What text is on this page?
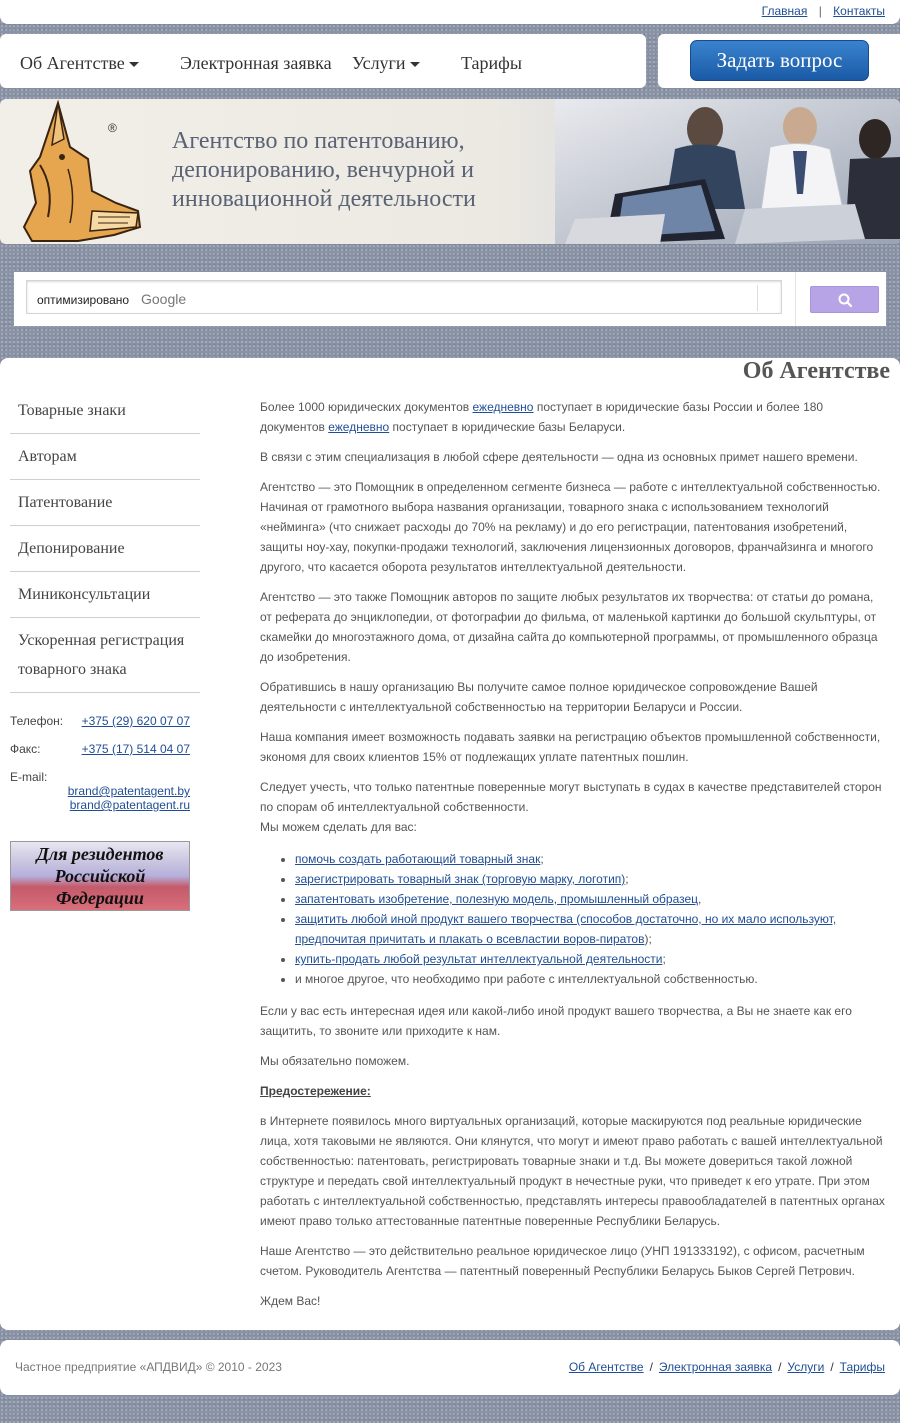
Главная | Контакты
Об Агентстве	Электронная заявка Услуги	Тарифы	Задать вопрос
® Агентство по патентованию,
депонированию, венчурной и
инновационной деятельности
оптимизировано Google
Об Агентстве
Товарные знаки
Авторам
Патентование
Депонирование
Миниконсультации
Ускоренная регистрация товарного знака
Телефон: +375 (29) 620 07 07
Факс:	+375 (17) 514 04 07
E-mail:
brand@patentagent.by
brand@patentagent.ru
Для резидентов
Российской
Федерации

Более 1000 юридических документов ежедневно поступает в юридические базы России и более 180 документов ежедневно поступает в юридические базы Беларуси.

В связи с этим специализация в любой сфере деятельности — одна из основных примет нашего времени.

Агентство — это Помощник в определенном сегменте бизнеса — работе с интеллектуальной собственностью. Начиная от грамотного выбора названия организации, товарного знака с использованием технологий «нейминга» (что снижает расходы до 70% на рекламу) и до его регистрации, патентования изобретений, защиты ноу-хау, покупки-продажи технологий, заключения лицензионных договоров, франчайзинга и многого другого, что касается оборота результатов интеллектуальной деятельности.

Агентство — это также Помощник авторов по защите любых результатов их творчества: от статьи до романа, от реферата до энциклопедии, от фотографии до фильма, от маленькой картинки до большой скульптуры, от скамейки до многоэтажного дома, от дизайна сайта до компьютерной программы, от промышленного образца до изобретения.

Обратившись в нашу организацию Вы получите самое полное юридическое сопровождение Вашей деятельности с интеллектуальной собственностью на территории Беларуси и России.

Наша компания имеет возможность подавать заявки на регистрацию объектов промышленной собственности, экономя для своих клиентов 15% от подлежащих уплате патентных пошлин.

Следует учесть, что только патентные поверенные могут выступать в судах в качестве представителей сторон по спорам об интеллектуальной собственности.

Мы можем сделать для вас:

• помочь создать работающий товарный знак;
• зарегистрировать товарный знак (торговую марку, логотип);
• запатентовать изобретение, полезную модель, промышленный образец,
• защитить любой иной продукт вашего творчества (способов достаточно, но их мало используют, предпочитая причитать и плакать о всевластии воров-пиратов);
• купить-продать любой результат интеллектуальной деятельности;
• и многое другое, что необходимо при работе с интеллектуальной собственностью.

Если у вас есть интересная идея или какой-либо иной продукт вашего творчества, а Вы не знаете как его защитить, то звоните или приходите к нам.

Мы обязательно поможем.

Предостережение:

в Интернете появилось много виртуальных организаций, которые маскируются под реальные юридические лица, хотя таковыми не являются. Они клянутся, что могут и имеют право работать с вашей интеллектуальной собственностью: патентовать, регистрировать товарные знаки и т.д. Вы можете довериться такой ложной структуре и передать свой интеллектуальный продукт в нечестные руки, что приведет к его утрате. При этом работать с интеллектуальной собственностью, представлять интересы правообладателей в патентных органах имеют право только аттестованные патентные поверенные Республики Беларусь.

Наше Агентство — это действительно реальное юридическое лицо (УНП 191333192), с офисом, расчетным счетом. Руководитель Агентства — патентный поверенный Республики Беларусь Быков Сергей Петрович.

Ждем Вас!

Частное предприятие «АПДВИД» © 2010 - 2023	Об Агентстве / Электронная заявка / Услуги / Тарифы
